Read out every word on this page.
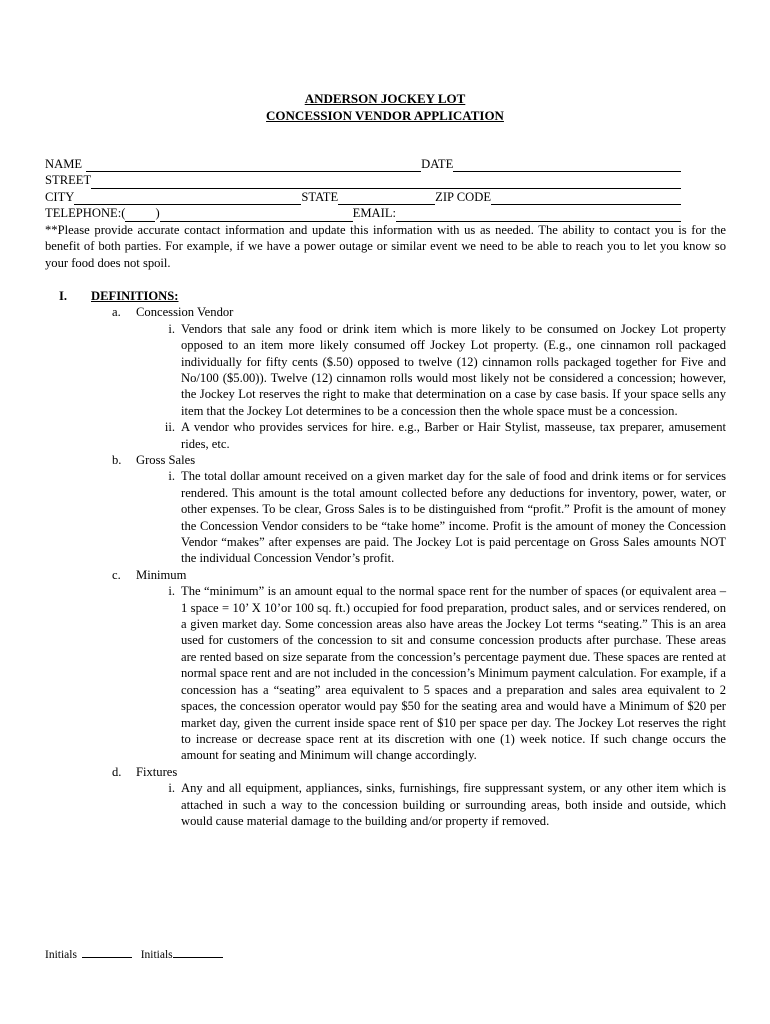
ANDERSON JOCKEY LOT
CONCESSION VENDOR APPLICATION
NAME	DATE
STREET
CITY	STATE	ZIP CODE
TELEPHONE:( )	EMAIL:
**Please provide accurate contact information and update this information with us as needed. The ability to contact you is for the benefit of both parties. For example, if we have a power outage or similar event we need to be able to reach you to let you know so your food does not spoil.
I.	DEFINITIONS:
a.	Concession Vendor
i. Vendors that sale any food or drink item which is more likely to be consumed on Jockey Lot property opposed to an item more likely consumed off Jockey Lot property. (E.g., one cinnamon roll packaged individually for fifty cents ($.50) opposed to twelve (12) cinnamon rolls packaged together for Five and No/100 ($5.00)). Twelve (12) cinnamon rolls would most likely not be considered a concession; however, the Jockey Lot reserves the right to make that determination on a case by case basis. If your space sells any item that the Jockey Lot determines to be a concession then the whole space must be a concession.
ii. A vendor who provides services for hire. e.g., Barber or Hair Stylist, masseuse, tax preparer, amusement rides, etc.
b.	Gross Sales
i. The total dollar amount received on a given market day for the sale of food and drink items or for services rendered. This amount is the total amount collected before any deductions for inventory, power, water, or other expenses. To be clear, Gross Sales is to be distinguished from “profit.” Profit is the amount of money the Concession Vendor considers to be “take home” income. Profit is the amount of money the Concession Vendor “makes” after expenses are paid. The Jockey Lot is paid percentage on Gross Sales amounts NOT the individual Concession Vendor’s profit.
c.	Minimum
i. The “minimum” is an amount equal to the normal space rent for the number of spaces (or equivalent area – 1 space = 10’ X 10’or 100 sq. ft.) occupied for food preparation, product sales, and or services rendered, on a given market day. Some concession areas also have areas the Jockey Lot terms “seating.” This is an area used for customers of the concession to sit and consume concession products after purchase. These areas are rented based on size separate from the concession’s percentage payment due. These spaces are rented at normal space rent and are not included in the concession’s Minimum payment calculation. For example, if a concession has a “seating” area equivalent to 5 spaces and a preparation and sales area equivalent to 2 spaces, the concession operator would pay $50 for the seating area and would have a Minimum of $20 per market day, given the current inside space rent of $10 per space per day. The Jockey Lot reserves the right to increase or decrease space rent at its discretion with one (1) week notice. If such change occurs the amount for seating and Minimum will change accordingly.
d.	Fixtures
i. Any and all equipment, appliances, sinks, furnishings, fire suppressant system, or any other item which is attached in such a way to the concession building or surrounding areas, both inside and outside, which would cause material damage to the building and/or property if removed.
Initials	Initials
